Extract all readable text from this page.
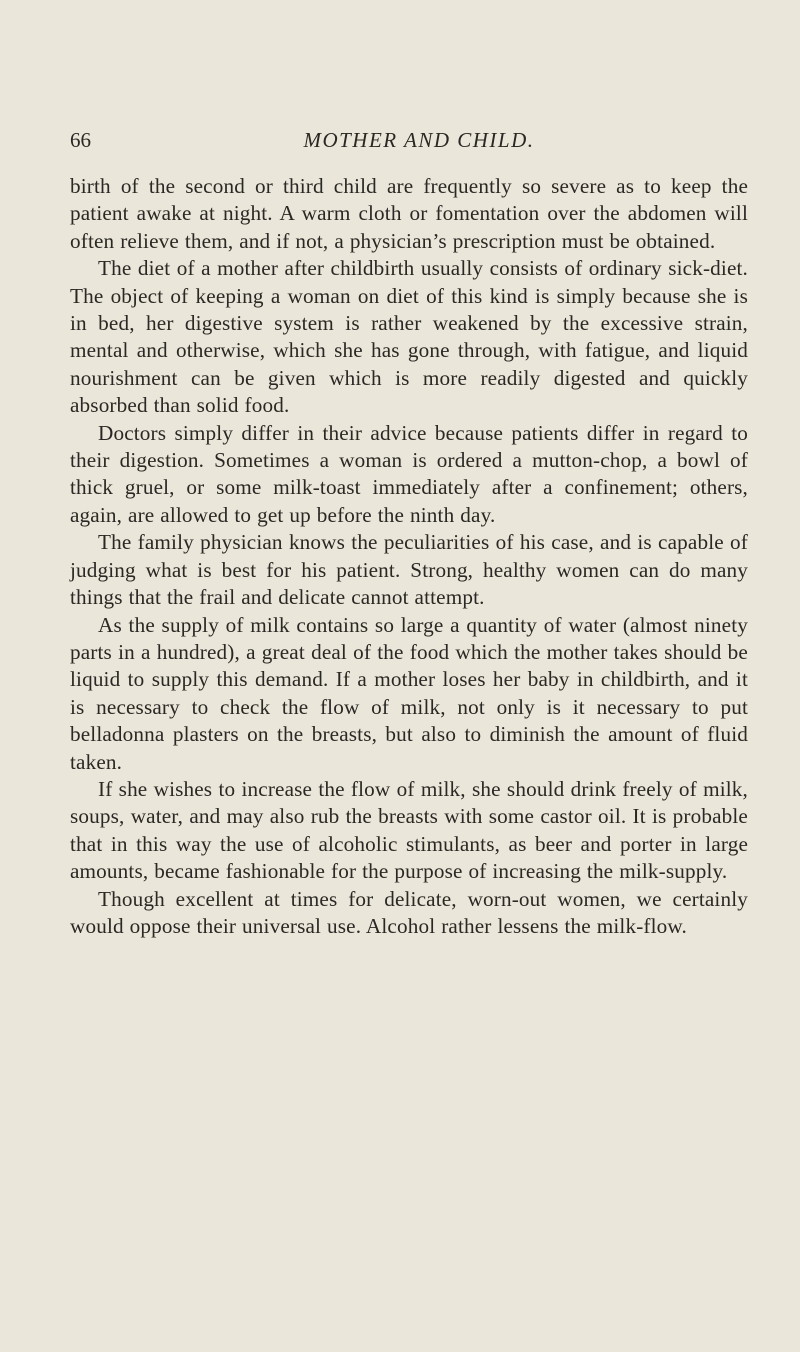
66	MOTHER AND CHILD.

birth of the second or third child are frequently so severe as to keep the patient awake at night. A warm cloth or fomentation over the abdomen will often relieve them, and if not, a physician’s prescription must be obtained.

The diet of a mother after childbirth usually consists of ordinary sick-diet. The object of keeping a woman on diet of this kind is simply because she is in bed, her digestive system is rather weakened by the excessive strain, mental and otherwise, which she has gone through, with fatigue, and liquid nourishment can be given which is more readily digested and quickly absorbed than solid food.

Doctors simply differ in their advice because patients differ in regard to their digestion. Sometimes a woman is ordered a mutton-chop, a bowl of thick gruel, or some milk-toast immediately after a confinement; others, again, are allowed to get up before the ninth day.

The family physician knows the peculiarities of his case, and is capable of judging what is best for his patient. Strong, healthy women can do many things that the frail and delicate cannot attempt.

As the supply of milk contains so large a quantity of water (almost ninety parts in a hundred), a great deal of the food which the mother takes should be liquid to supply this demand. If a mother loses her baby in childbirth, and it is necessary to check the flow of milk, not only is it necessary to put belladonna plasters on the breasts, but also to diminish the amount of fluid taken.

If she wishes to increase the flow of milk, she should drink freely of milk, soups, water, and may also rub the breasts with some castor oil. It is probable that in this way the use of alcoholic stimulants, as beer and porter in large amounts, became fashionable for the purpose of increasing the milk-supply.

Though excellent at times for delicate, worn-out women, we certainly would oppose their universal use. Alcohol rather lessens the milk-flow.
